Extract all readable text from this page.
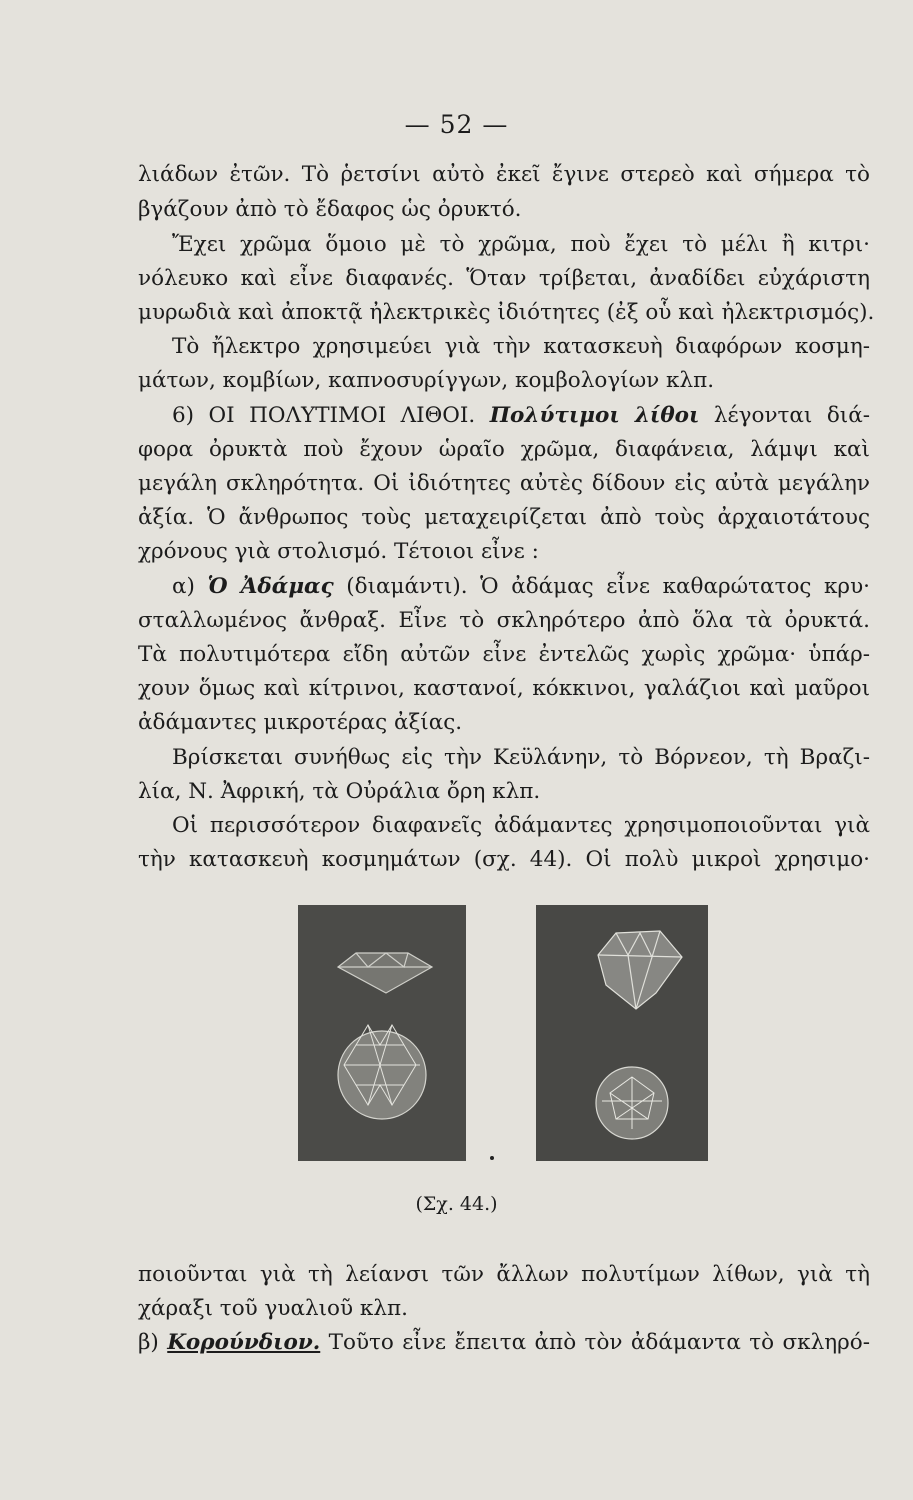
— 52 —
λιάδων ἐτῶν. Τὸ ῥετσίνι αὐτὸ ἐκεῖ ἔγινε στερεὸ καὶ σήμερα τὸ
βγάζουν ἀπὸ τὸ ἔδαφος ὡς ὀρυκτό.
Ἔχει χρῶμα ὅμοιο μὲ τὸ χρῶμα, ποὺ ἔχει τὸ μέλι ἢ κιτρι·
νόλευκο καὶ εἶνε διαφανές. Ὅταν τρίβεται, ἀναδίδει εὐχάριστη
μυρωδιὰ καὶ ἀποκτᾷ ἠλεκτρικὲς ἰδιότητες (ἐξ οὗ καὶ ἠλεκτρισμός).
Τὸ ἤλεκτρο χρησιμεύει γιὰ τὴν κατασκευὴ διαφόρων κοσμη-
μάτων, κομβίων, καπνοσυρίγγων, κομβολογίων κλπ.
6) ΟΙ ΠΟΛΥΤΙΜΟΙ ΛΙΘΟΙ. Πολύτιμοι λίθοι λέγονται διά-
φορα ὀρυκτὰ ποὺ ἔχουν ὡραῖο χρῶμα, διαφάνεια, λάμψι καὶ
μεγάλη σκληρότητα. Οἱ ἰδιότητες αὐτὲς δίδουν εἰς αὐτὰ μεγάλην
ἀξία. Ὁ ἄνθρωπος τοὺς μεταχειρίζεται ἀπὸ τοὺς ἀρχαιοτάτους
χρόνους γιὰ στολισμό. Τέτοιοι εἶνε :
α) Ὁ Ἀδάμας (διαμάντι). Ὁ ἀδάμας εἶνε καθαρώτατος κρυ·
σταλλωμένος ἄνθραξ. Εἶνε τὸ σκληρότερο ἀπὸ ὅλα τὰ ὀρυκτά.
Τὰ πολυτιμότερα εἴδη αὐτῶν εἶνε ἐντελῶς χωρὶς χρῶμα· ὑπάρ-
χουν ὅμως καὶ κίτρινοι, καστανοί, κόκκινοι, γαλάζιοι καὶ μαῦροι
ἀδάμαντες μικροτέρας ἀξίας.
Βρίσκεται συνήθως εἰς τὴν Κεϋλάνην, τὸ Βόρνεον, τὴ Βραζι-
λία, Ν. Ἀφρική, τὰ Οὐράλια ὄρη κλπ.
Οἱ περισσότερον διαφανεῖς ἀδάμαντες χρησιμοποιοῦνται γιὰ
τὴν κατασκευὴ κοσμημάτων (σχ. 44). Οἱ πολὺ μικροὶ χρησιμο·
(Σχ. 44.)
ποιοῦνται γιὰ τὴ λείανσι τῶν ἄλλων πολυτίμων λίθων, γιὰ τὴ
χάραξι τοῦ γυαλιοῦ κλπ.
β) Κορούνδιον. Τοῦτο εἶνε ἔπειτα ἀπὸ τὸν ἀδάμαντα τὸ σκληρό-
